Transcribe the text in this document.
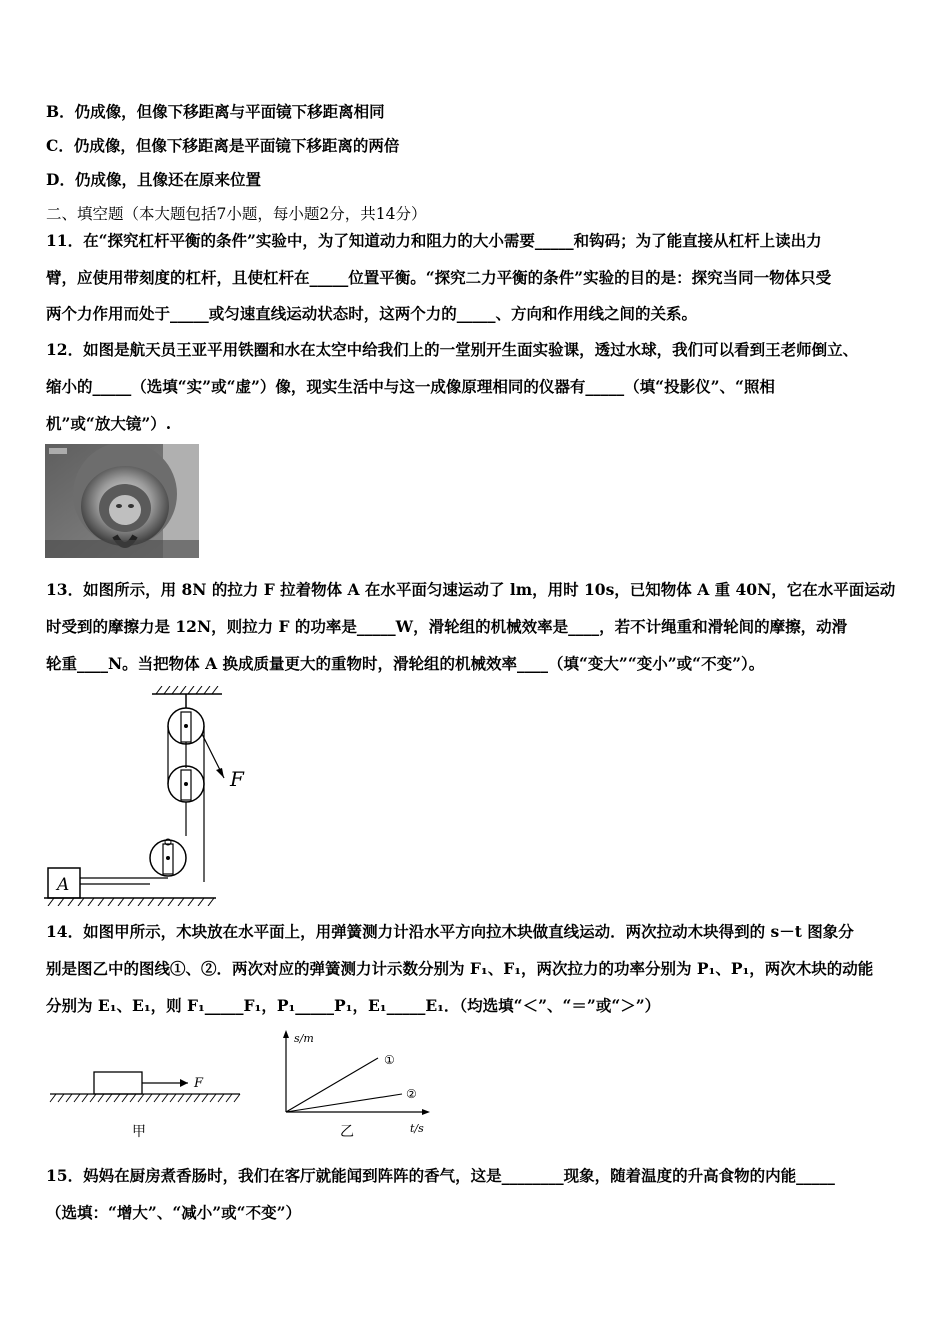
B．仍成像，但像下移距离与平面镜下移距离相同
C．仍成像，但像下移距离是平面镜下移距离的两倍
D．仍成像，且像还在原来位置
二、填空题（本大题包括7小题，每小题2分，共14分）
11．在“探究杠杆平衡的条件”实验中，为了知道动力和阻力的大小需要_____和钩码；为了能直接从杠杆上读出力
臂，应使用带刻度的杠杆，且使杠杆在_____位置平衡。“探究二力平衡的条件”实验的目的是：探究当同一物体只受
两个力作用而处于_____或匀速直线运动状态时，这两个力的_____、方向和作用线之间的关系。
12．如图是航天员王亚平用铁圈和水在太空中给我们上的一堂别开生面实验课，透过水球，我们可以看到王老师倒立、
缩小的_____（选填“实”或“虚”）像，现实生活中与这一成像原理相同的仪器有_____（填“投影仪”、“照相
机”或“放大镜”）.
13．如图所示，用 8N 的拉力 F 拉着物体 A 在水平面匀速运动了 lm，用时 10s，已知物体 A 重 40N，它在水平面运动
时受到的摩擦力是 12N，则拉力 F 的功率是_____W，滑轮组的机械效率是____，若不计绳重和滑轮间的摩擦，动滑
轮重____N。当把物体 A 换成质量更大的重物时，滑轮组的机械效率____（填“变大”“变小”或“不变”）。
F
A
14．如图甲所示，木块放在水平面上，用弹簧测力计沿水平方向拉木块做直线运动．两次拉动木块得到的 s－t 图象分
别是图乙中的图线①、②．两次对应的弹簧测力计示数分别为 F₁、F₁，两次拉力的功率分别为 P₁、P₁，两次木块的动能
分别为 E₁、E₁，则 F₁_____F₁，P₁_____P₁，E₁_____E₁．（均选填“＜”、“＝”或“＞”）
F
甲
s/m
t/s
①
②
乙
15．妈妈在厨房煮香肠时，我们在客厅就能闻到阵阵的香气，这是________现象，随着温度的升高食物的内能_____
（选填：“增大”、“减小”或“不变”）
